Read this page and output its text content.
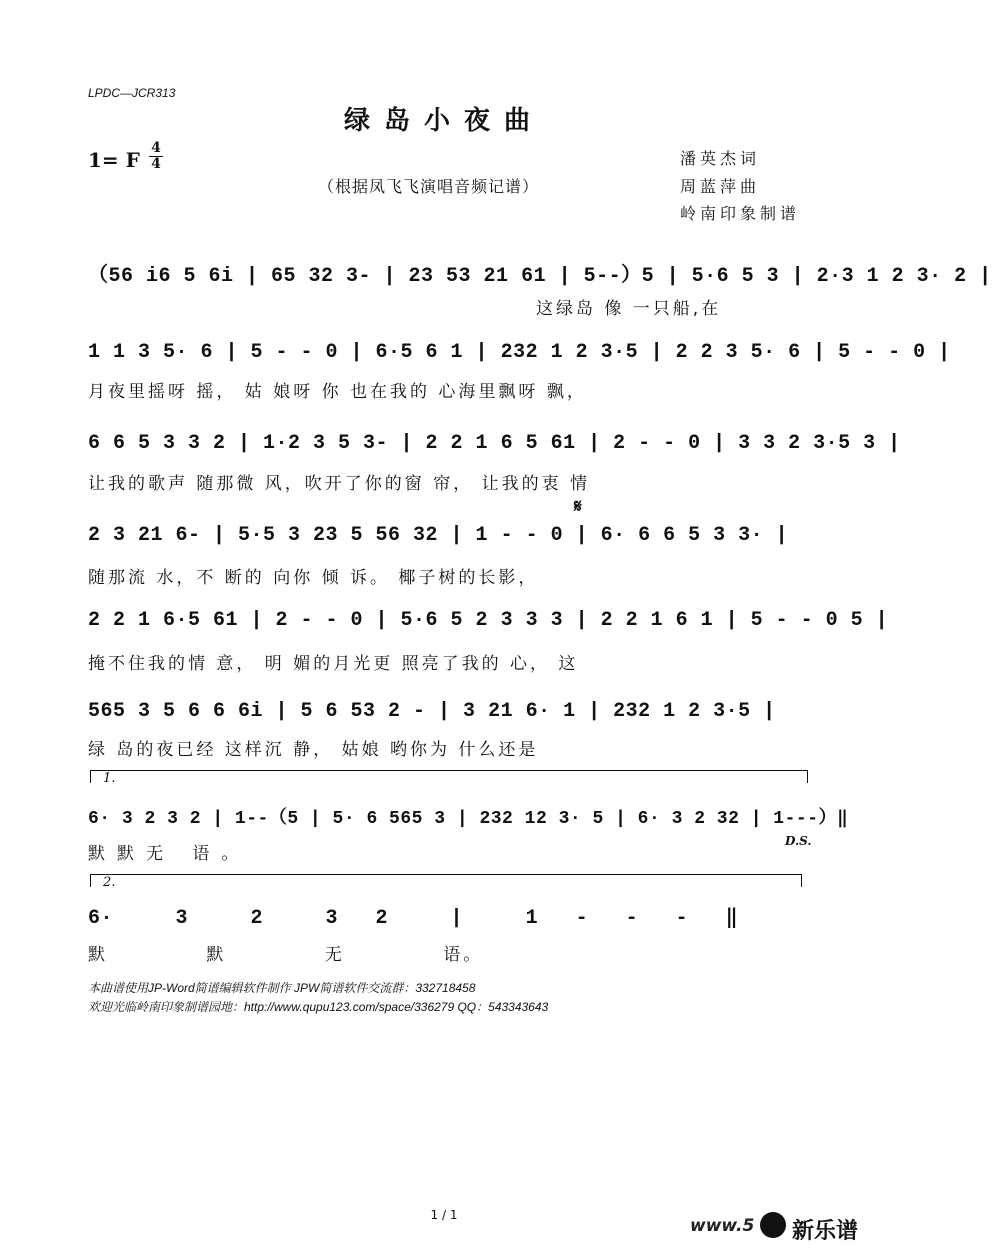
LPDC—JCR313
绿岛小夜曲
1= F 4
4
（根据凤飞飞演唱音频记谱）
潘英杰词
周蓝萍曲
岭南印象制谱
（56 i6 5 6i | 65 32 3- | 23 53 21 61 | 5--）5 | 5·6 5 3 | 2·3 1 2 3· 2 |
这绿岛 像 一只船,在
1 1 3 5· 6 | 5 - - 0 | 6·5 6 1 | 232 1 2 3·5 | 2 2 3 5· 6 | 5 - - 0 |
月夜里摇呀 摇， 姑 娘呀 你 也在我的 心海里飘呀 飘，
6 6 5 3 3 2 | 1·2 3 5 3- | 2 2 1 6 5 61 | 2 - - 0 | 3 3 2 3·5 3 |
让我的歌声 随那微 风，吹开了你的窗 帘， 让我的衷 情
𝄋
2 3 21 6- | 5·5 3 23 5 56 32 | 1 - - 0 | 6· 6 6 5 3 3· |
随那流 水，不 断的 向你 倾 诉。 椰子树的长影，
2 2 1 6·5 61 | 2 - - 0 | 5·6 5 2 3 3 3 | 2 2 1 6 1 | 5 - - 0 5 |
掩不住我的情 意， 明 媚的月光更 照亮了我的 心， 这
565 3 5 6 6 6i | 5 6 53 2 - | 3 21 6· 1 | 232 1 2 3·5 |
绿 岛的夜已经 这样沉 静， 姑娘 哟你为 什么还是
1.
6· 3 2 3 2 | 1--（5 | 5· 6 565 3 | 232 12 3· 5 | 6· 3 2 32 | 1---）‖
默默无 语。
D.S.
2.
6·     3     2     3   2     |     1   -   -   -   ‖
默 默 无 语。
本曲谱使用JP-Word简谱编辑软件制作 JPW简谱软件交流群：332718458
欢迎光临岭南印象制谱园地：http://www.qupu123.com/space/336279 QQ：543343643
1 / 1
www.5 新乐谱
